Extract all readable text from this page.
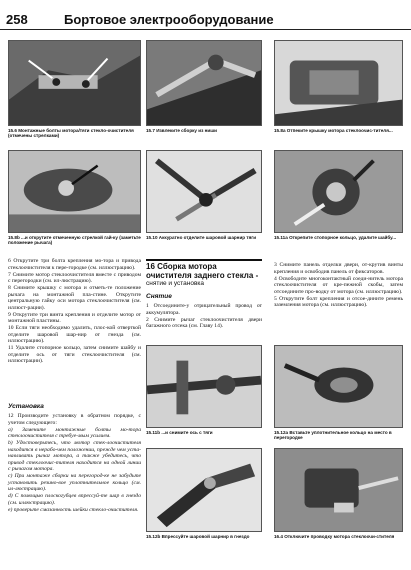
258	Бортовое электрооборудование
15.6 Монтажные болты мотора/тяги стекло-очистителя (отмечены стрелками)
15.7 Извлеките сборку из ниши	15.8а Отпеките крышку мотора стеклоочис-тителя...
15.8b ...и открутите отмеченную стрелкой гай-ку (заметьте положение рычага)
15.10 Аккуратно отделите шаровой шарнир тяги	15.11а Открепите стопорное кольцо, удалите шайбу...

6 Открутите три болта крепления мо-тора и привода стеклоочистителя к пере-городке (см. иллюстрацию).

7 Снимите мотор стеклоочистителя вместе с приводом с перегородки (см. ил-люстрацию).

8 Снимите крышку с мотора и отметь-те положение рычага на монтажной пла-стине. Открутите центральную гайку оси мотора стеклоочистителя (см. иллюст-рации).

9 Открутите три винта крепления и отделите мотор от монтажной пластины.

10 Если тяги необходимо удалить, плос-кой отверткой отделите шаровой шар-нир от гнезда (см. иллюстрацию).

11 Удалите стопорное кольцо, затем снимите шайбу и отделите ось от тяги стеклоочистителя (см. иллюстрации).

Установка

12 Производите установку в обратном порядке, с учетом следующего:

а) Замените монтажные болты мо-тора стеклоочистителя с требуе-мым усилием.

b) Удостоверьтесь, что мотор стек-лоочистителя находится в нерабо-чем положении, прежде чем уста-навливать рычаг мотора, а также убедитесь, что привод стеклоочис-тителя находится на одной линии с рычагом мотора.

c) При монтаже сборки на перегород-ке не забудьте установить резино-вое уплотнительное кольцо (см. ил-люстрацию).

d) С помощью плоскогубцев впрессуй-те шар в гнездо (см. иллюстрацию).

e) проверьте смазанность шейки стекло-очистителя.

16 Сборка мотора очистителя заднего стекла -
снятие и установка
Снятие

1 Отсоедините-у отрицательный провод от аккумулятора.

2 Снимите рычаг стеклоочистителя двери багажного отсека (см. Главу 14).

3 Снимите панель отделки двери, от-крутив винты крепления и освободив панель от фиксаторов.

4 Освободите многоконтактный соеди-нитель мотора стеклоочистителя от кре-пежной скобы, затем отсоедините про-водку от мотора (см. иллюстрацию).

5 Открутите болт крепления и отсое-дините ремень заземления мотора (см. иллюстрацию).

15.11b ...и снимите ось с тяги	15.12а Вставьте уплотнительное кольцо на место в перегородке
15.12b Впрессуйте шаровой шарнир в гнездо	16.4 Отключите проводку мотора стеклоочи-стителя
